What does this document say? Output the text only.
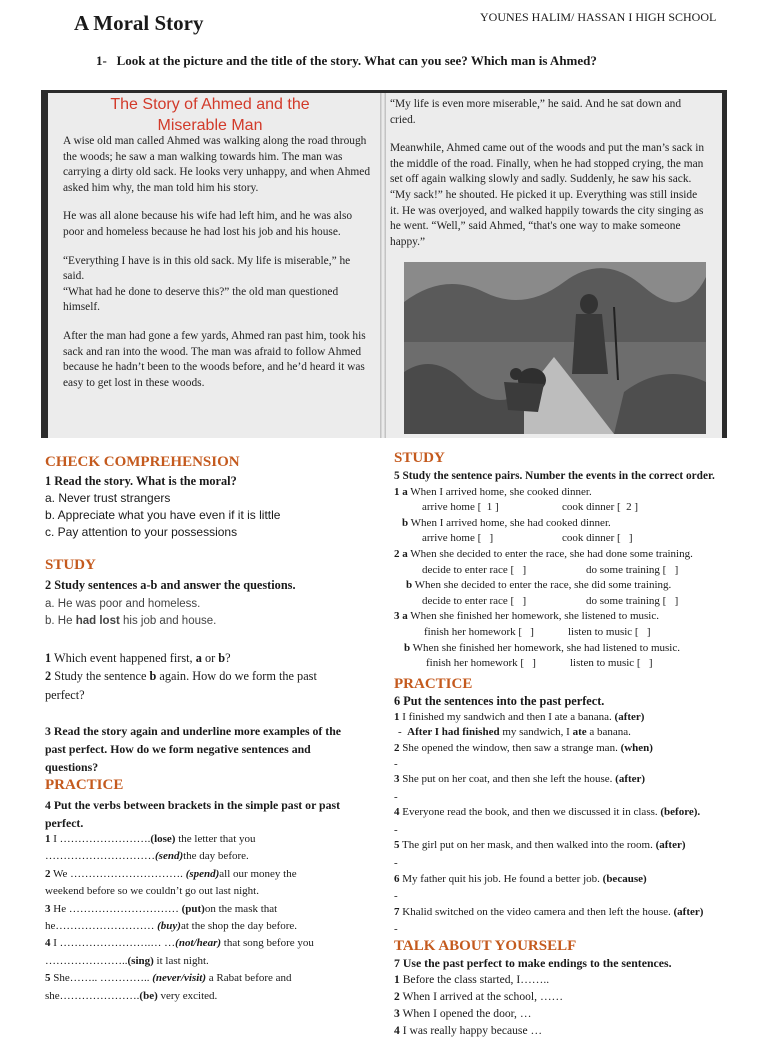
A Moral Story	YOUNES HALIM/ HASSAN I HIGH SCHOOL
1-   Look at the picture and the title of the story. What can you see? Which man is Ahmed?
The Story of Ahmed and the
Miserable Man

A wise old man called Ahmed was walking along the road through the woods; he saw a man walking towards him. The man was carrying a dirty old sack. He looks very unhappy, and when Ahmed asked him why, the man told him his story.

He was all alone because his wife had left him, and he was also poor and homeless because he had lost his job and his house.

“Everything I have is in this old sack. My life is miserable,” he said.

“What had he done to deserve this?” the old man questioned himself.

After the man had gone a few yards, Ahmed ran past him, took his sack and ran into the wood. The man was afraid to follow Ahmed because he hadn’t been to the woods before, and he’d heard it was easy to get lost in these woods.

“My life is even more miserable,” he said. And he sat down and cried.

Meanwhile, Ahmed came out of the woods and put the man’s sack in the middle of the road. Finally, when he had stopped crying, the man set off again walking slowly and sadly. Suddenly, he saw his sack. “My sack!” he shouted. He picked it up. Everything was still inside it. He was overjoyed, and walked happily towards the city singing as he went. “Well,” said Ahmed, “that's one way to make someone happy.”

CHECK COMPREHENSION
1 Read the story. What is the moral?
a. Never trust strangers
b. Appreciate what you have even if it is little
c. Pay attention to your possessions
STUDY
2 Study sentences a-b and answer the questions.
a. He was poor and homeless.
b. He had lost his job and house.
1 Which event happened first, a or b?
2 Study the sentence b again. How do we form the past
perfect?
3 Read the story again and underline more examples of the
past perfect. How do we form negative sentences and
questions?
PRACTICE
4 Put the verbs between brackets in the simple past or past
perfect.
1 I …………………….(lose) the letter that you
…………………………(send)the day before.
2 We …………………………. (spend)all our money the
weekend before so we couldn’t go out last night.
3 He ………………………… (put)on the mask that
he……………………… (buy)at the shop the day before.
4 I …………………….… …(not/hear) that song before you
…………………..(sing) it last night.
5 She…….. ………….. (never/visit) a Rabat before and
she………………….(be) very excited.
STUDY
5 Study the sentence pairs. Number the events in the correct order.
1 a When I arrived home, she cooked dinner.
arrive home [  1 ]	cook dinner [  2 ]
b When I arrived home, she had cooked dinner.
arrive home [   ]	cook dinner [   ]
2 a When she decided to enter the race, she had done some training.
decide to enter race [   ]	do some training [   ]
b When she decided to enter the race, she did some training.
decide to enter race [   ]	do some training [   ]
3 a When she finished her homework, she listened to music.
finish her homework [   ]	listen to music [   ]
b When she finished her homework, she had listened to music.
finish her homework [   ]	listen to music [   ]
PRACTICE
6 Put the sentences into the past perfect.
1 I finished my sandwich and then I ate a banana. (after)
-  After I had finished my sandwich, I ate a banana.
2 She opened the window, then saw a strange man. (when)
-
3 She put on her coat, and then she left the house. (after)
-
4 Everyone read the book, and then we discussed it in class. (before).
-
5 The girl put on her mask, and then walked into the room. (after)
-
6 My father quit his job. He found a better job. (because)
-
7 Khalid switched on the video camera and then left the house. (after)
-
TALK ABOUT YOURSELF
7 Use the past perfect to make endings to the sentences.
1 Before the class started, I……..
2 When I arrived at the school, ……
3 When I opened the door, …
4 I was really happy because …
